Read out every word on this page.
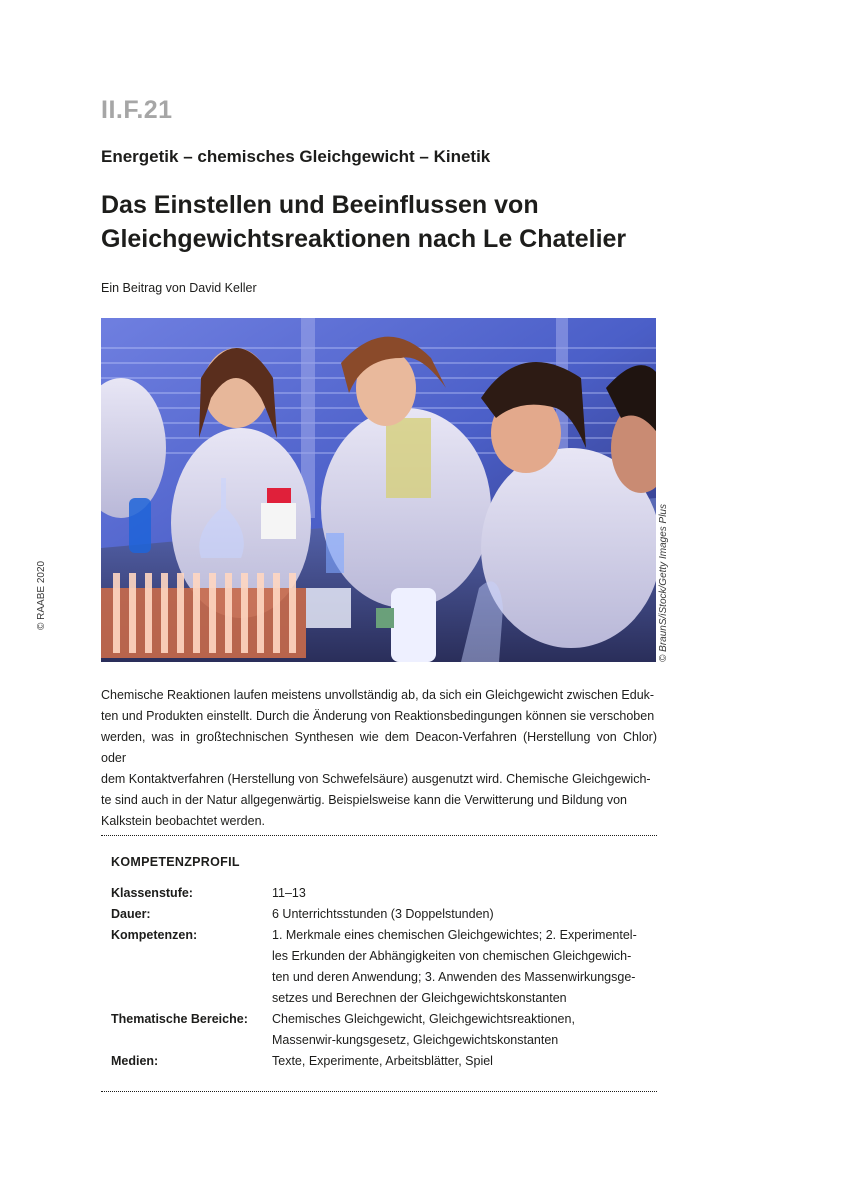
II.F.21
Energetik – chemisches Gleichgewicht – Kinetik
Das Einstellen und Beeinflussen von
Gleichgewichtsreaktionen nach Le Chatelier
Ein Beitrag von David Keller
© BraunS/iStock/Getty Images Plus
© RAABE 2020
Chemische Reaktionen laufen meistens unvollständig ab, da sich ein Gleichgewicht zwischen Eduk-
ten und Produkten einstellt. Durch die Änderung von Reaktionsbedingungen können sie verschoben
werden, was in großtechnischen Synthesen wie dem Deacon-Verfahren (Herstellung von Chlor) oder
dem Kontaktverfahren (Herstellung von Schwefelsäure) ausgenutzt wird. Chemische Gleichgewich-
te sind auch in der Natur allgegenwärtig. Beispielsweise kann die Verwitterung und Bildung von
Kalkstein beobachtet werden.
KOMPETENZPROFIL
Klassenstufe:	11–13
Dauer:	6 Unterrichtsstunden (3 Doppelstunden)
Kompetenzen:	1. Merkmale eines chemischen Gleichgewichtes; 2. Experimentel-les Erkunden der Abhängigkeiten von chemischen Gleichgewich-ten und deren Anwendung; 3. Anwenden des Massenwirkungsge-setzes und Berechnen der Gleichgewichtskonstanten
Thematische Bereiche:	Chemisches Gleichgewicht, Gleichgewichtsreaktionen, Massenwir-kungsgesetz, Gleichgewichtskonstanten
Medien:	Texte, Experimente, Arbeitsblätter, Spiel
